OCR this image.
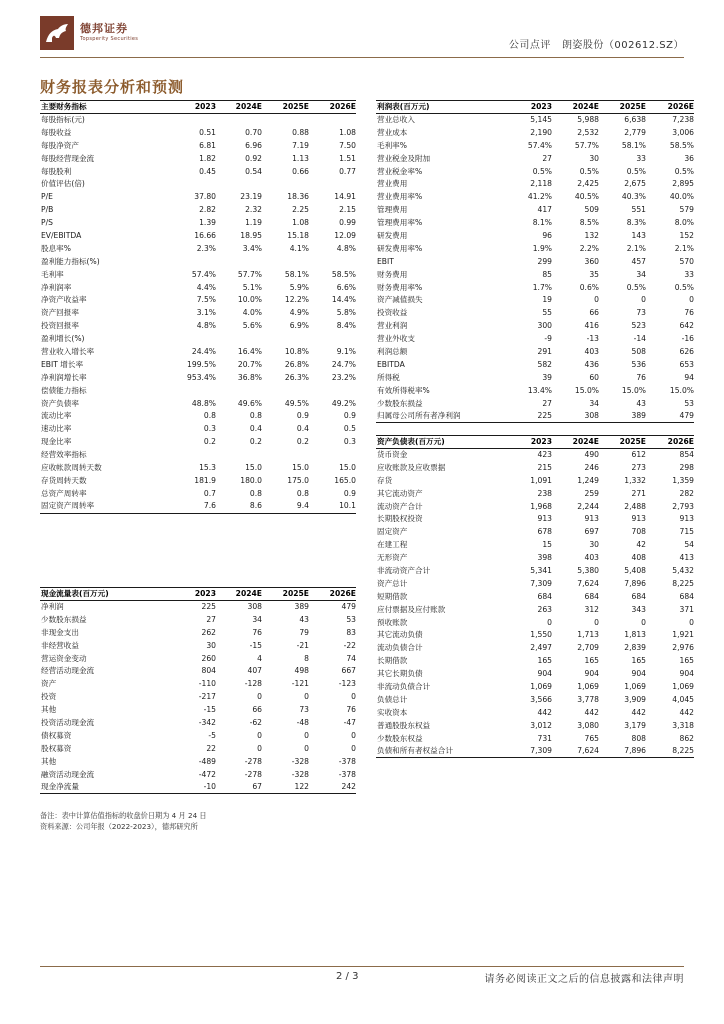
德邦证券
Topsperity Securities
公司点评 朗姿股份（002612.SZ）
财务报表分析和预测
主要财务指标	2023	2024E	2025E	2026E
每股指标(元)				
每股收益	0.51	0.70	0.88	1.08
每股净资产	6.81	6.96	7.19	7.50
每股经营现金流	1.82	0.92	1.13	1.51
每股股利	0.45	0.54	0.66	0.77
价值评估(倍)				
P/E	37.80	23.19	18.36	14.91
P/B	2.82	2.32	2.25	2.15
P/S	1.39	1.19	1.08	0.99
EV/EBITDA	16.66	18.95	15.18	12.09
股息率%	2.3%	3.4%	4.1%	4.8%
盈利能力指标(%)				
毛利率	57.4%	57.7%	58.1%	58.5%
净利润率	4.4%	5.1%	5.9%	6.6%
净资产收益率	7.5%	10.0%	12.2%	14.4%
资产回报率	3.1%	4.0%	4.9%	5.8%
投资回报率	4.8%	5.6%	6.9%	8.4%
盈利增长(%)				
营业收入增长率	24.4%	16.4%	10.8%	9.1%
EBIT 增长率	199.5%	20.7%	26.8%	24.7%
净利润增长率	953.4%	36.8%	26.3%	23.2%
偿债能力指标				
资产负债率	48.8%	49.6%	49.5%	49.2%
流动比率	0.8	0.8	0.9	0.9
速动比率	0.3	0.4	0.4	0.5
现金比率	0.2	0.2	0.2	0.3
经营效率指标				
应收帐款周转天数	15.3	15.0	15.0	15.0
存货周转天数	181.9	180.0	175.0	165.0
总资产周转率	0.7	0.8	0.8	0.9
固定资产周转率	7.6	8.6	9.4	10.1
利润表(百万元)	2023	2024E	2025E	2026E
营业总收入	5,145	5,988	6,638	7,238
营业成本	2,190	2,532	2,779	3,006
毛利率%	57.4%	57.7%	58.1%	58.5%
营业税金及附加	27	30	33	36
营业税金率%	0.5%	0.5%	0.5%	0.5%
营业费用	2,118	2,425	2,675	2,895
营业费用率%	41.2%	40.5%	40.3%	40.0%
管理费用	417	509	551	579
管理费用率%	8.1%	8.5%	8.3%	8.0%
研发费用	96	132	143	152
研发费用率%	1.9%	2.2%	2.1%	2.1%
EBIT	299	360	457	570
财务费用	85	35	34	33
财务费用率%	1.7%	0.6%	0.5%	0.5%
资产减值损失	19	0	0	0
投资收益	55	66	73	76
营业利润	300	416	523	642
营业外收支	-9	-13	-14	-16
利润总额	291	403	508	626
EBITDA	582	436	536	653
所得税	39	60	76	94
有效所得税率%	13.4%	15.0%	15.0%	15.0%
少数股东损益	27	34	43	53
归属母公司所有者净利润	225	308	389	479
资产负债表(百万元)	2023	2024E	2025E	2026E
货币资金	423	490	612	854
应收账款及应收票据	215	246	273	298
存货	1,091	1,249	1,332	1,359
其它流动资产	238	259	271	282
流动资产合计	1,968	2,244	2,488	2,793
长期股权投资	913	913	913	913
固定资产	678	697	708	715
在建工程	15	30	42	54
无形资产	398	403	408	413
非流动资产合计	5,341	5,380	5,408	5,432
资产总计	7,309	7,624	7,896	8,225
短期借款	684	684	684	684
应付票据及应付账款	263	312	343	371
预收账款	0	0	0	0
其它流动负债	1,550	1,713	1,813	1,921
流动负债合计	2,497	2,709	2,839	2,976
长期借款	165	165	165	165
其它长期负债	904	904	904	904
非流动负债合计	1,069	1,069	1,069	1,069
负债总计	3,566	3,778	3,909	4,045
实收资本	442	442	442	442
普通股股东权益	3,012	3,080	3,179	3,318
少数股东权益	731	765	808	862
负债和所有者权益合计	7,309	7,624	7,896	8,225
现金流量表(百万元)	2023	2024E	2025E	2026E
净利润	225	308	389	479
少数股东损益	27	34	43	53
非现金支出	262	76	79	83
非经营收益	30	-15	-21	-22
营运资金变动	260	4	8	74
经营活动现金流	804	407	498	667
资产	-110	-128	-121	-123
投资	-217	0	0	0
其他	-15	66	73	76
投资活动现金流	-342	-62	-48	-47
债权募资	-5	0	0	0
股权募资	22	0	0	0
其他	-489	-278	-328	-378
融资活动现金流	-472	-278	-328	-378
现金净流量	-10	67	122	242
备注：表中计算估值指标的收盘价日期为 4 月 24 日
资料来源：公司年报（2022-2023），德邦研究所
2 / 3	请务必阅读正文之后的信息披露和法律声明
